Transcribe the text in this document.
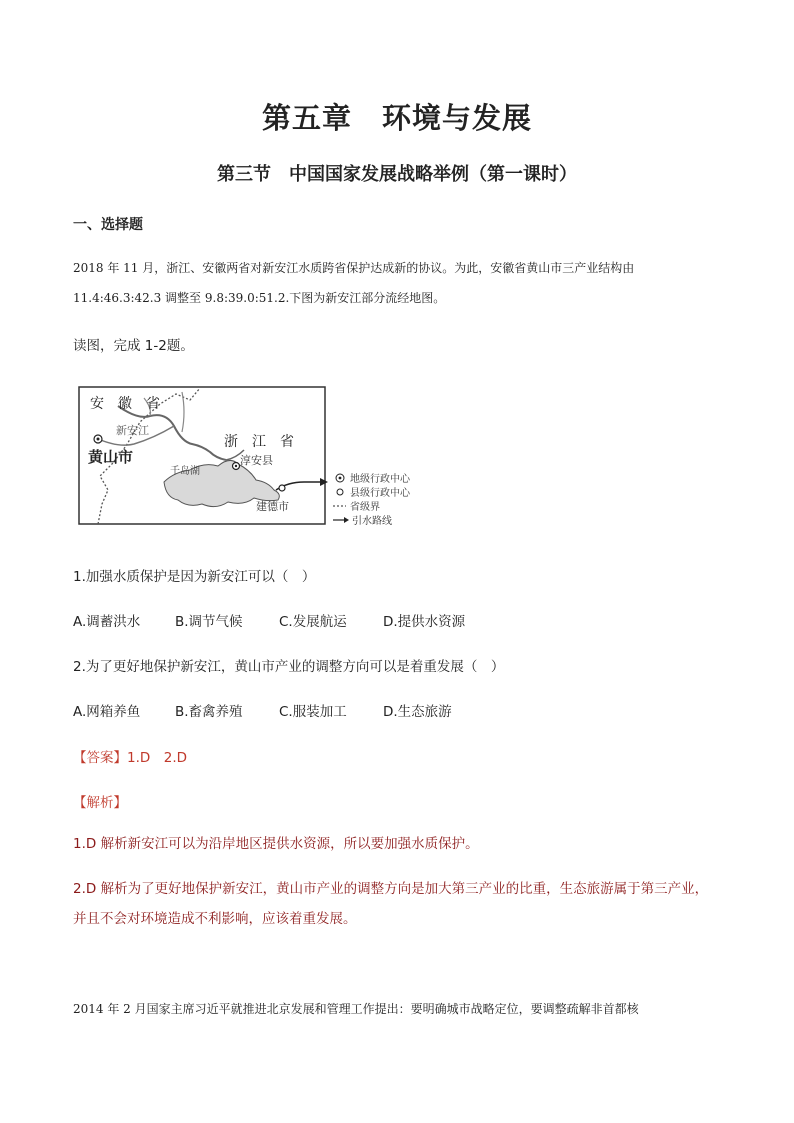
第五章　环境与发展
第三节　中国国家发展战略举例（第一课时）
一、选择题
2018 年 11 月，浙江、安徽两省对新安江水质跨省保护达成新的协议。为此，安徽省黄山市三产业结构由
11.4:46.3:42.3 调整至 9.8:39.0:51.2.下图为新安江部分流经地图。
读图，完成 1-2题。
安　徽　省
浙　江　省
新安江
黄山市
千岛湖
淳安县
建德市
地级行政中心
县级行政中心
省级界
引水路线
1.加强水质保护是因为新安江可以（　）
A.调蓄洪水	B.调节气候	C.发展航运	D.提供水资源
2.为了更好地保护新安江，黄山市产业的调整方向可以是着重发展（　）
A.网箱养鱼	B.畜禽养殖	C.服装加工	D.生态旅游
【答案】1.D　2.D
【解析】
1.D 解析新安江可以为沿岸地区提供水资源，所以要加强水质保护。
2.D 解析为了更好地保护新安江，黄山市产业的调整方向是加大第三产业的比重，生态旅游属于第三产业，
并且不会对环境造成不利影响，应该着重发展。
2014 年 2 月国家主席习近平就推进北京发展和管理工作提出：要明确城市战略定位，要调整疏解非首都核
